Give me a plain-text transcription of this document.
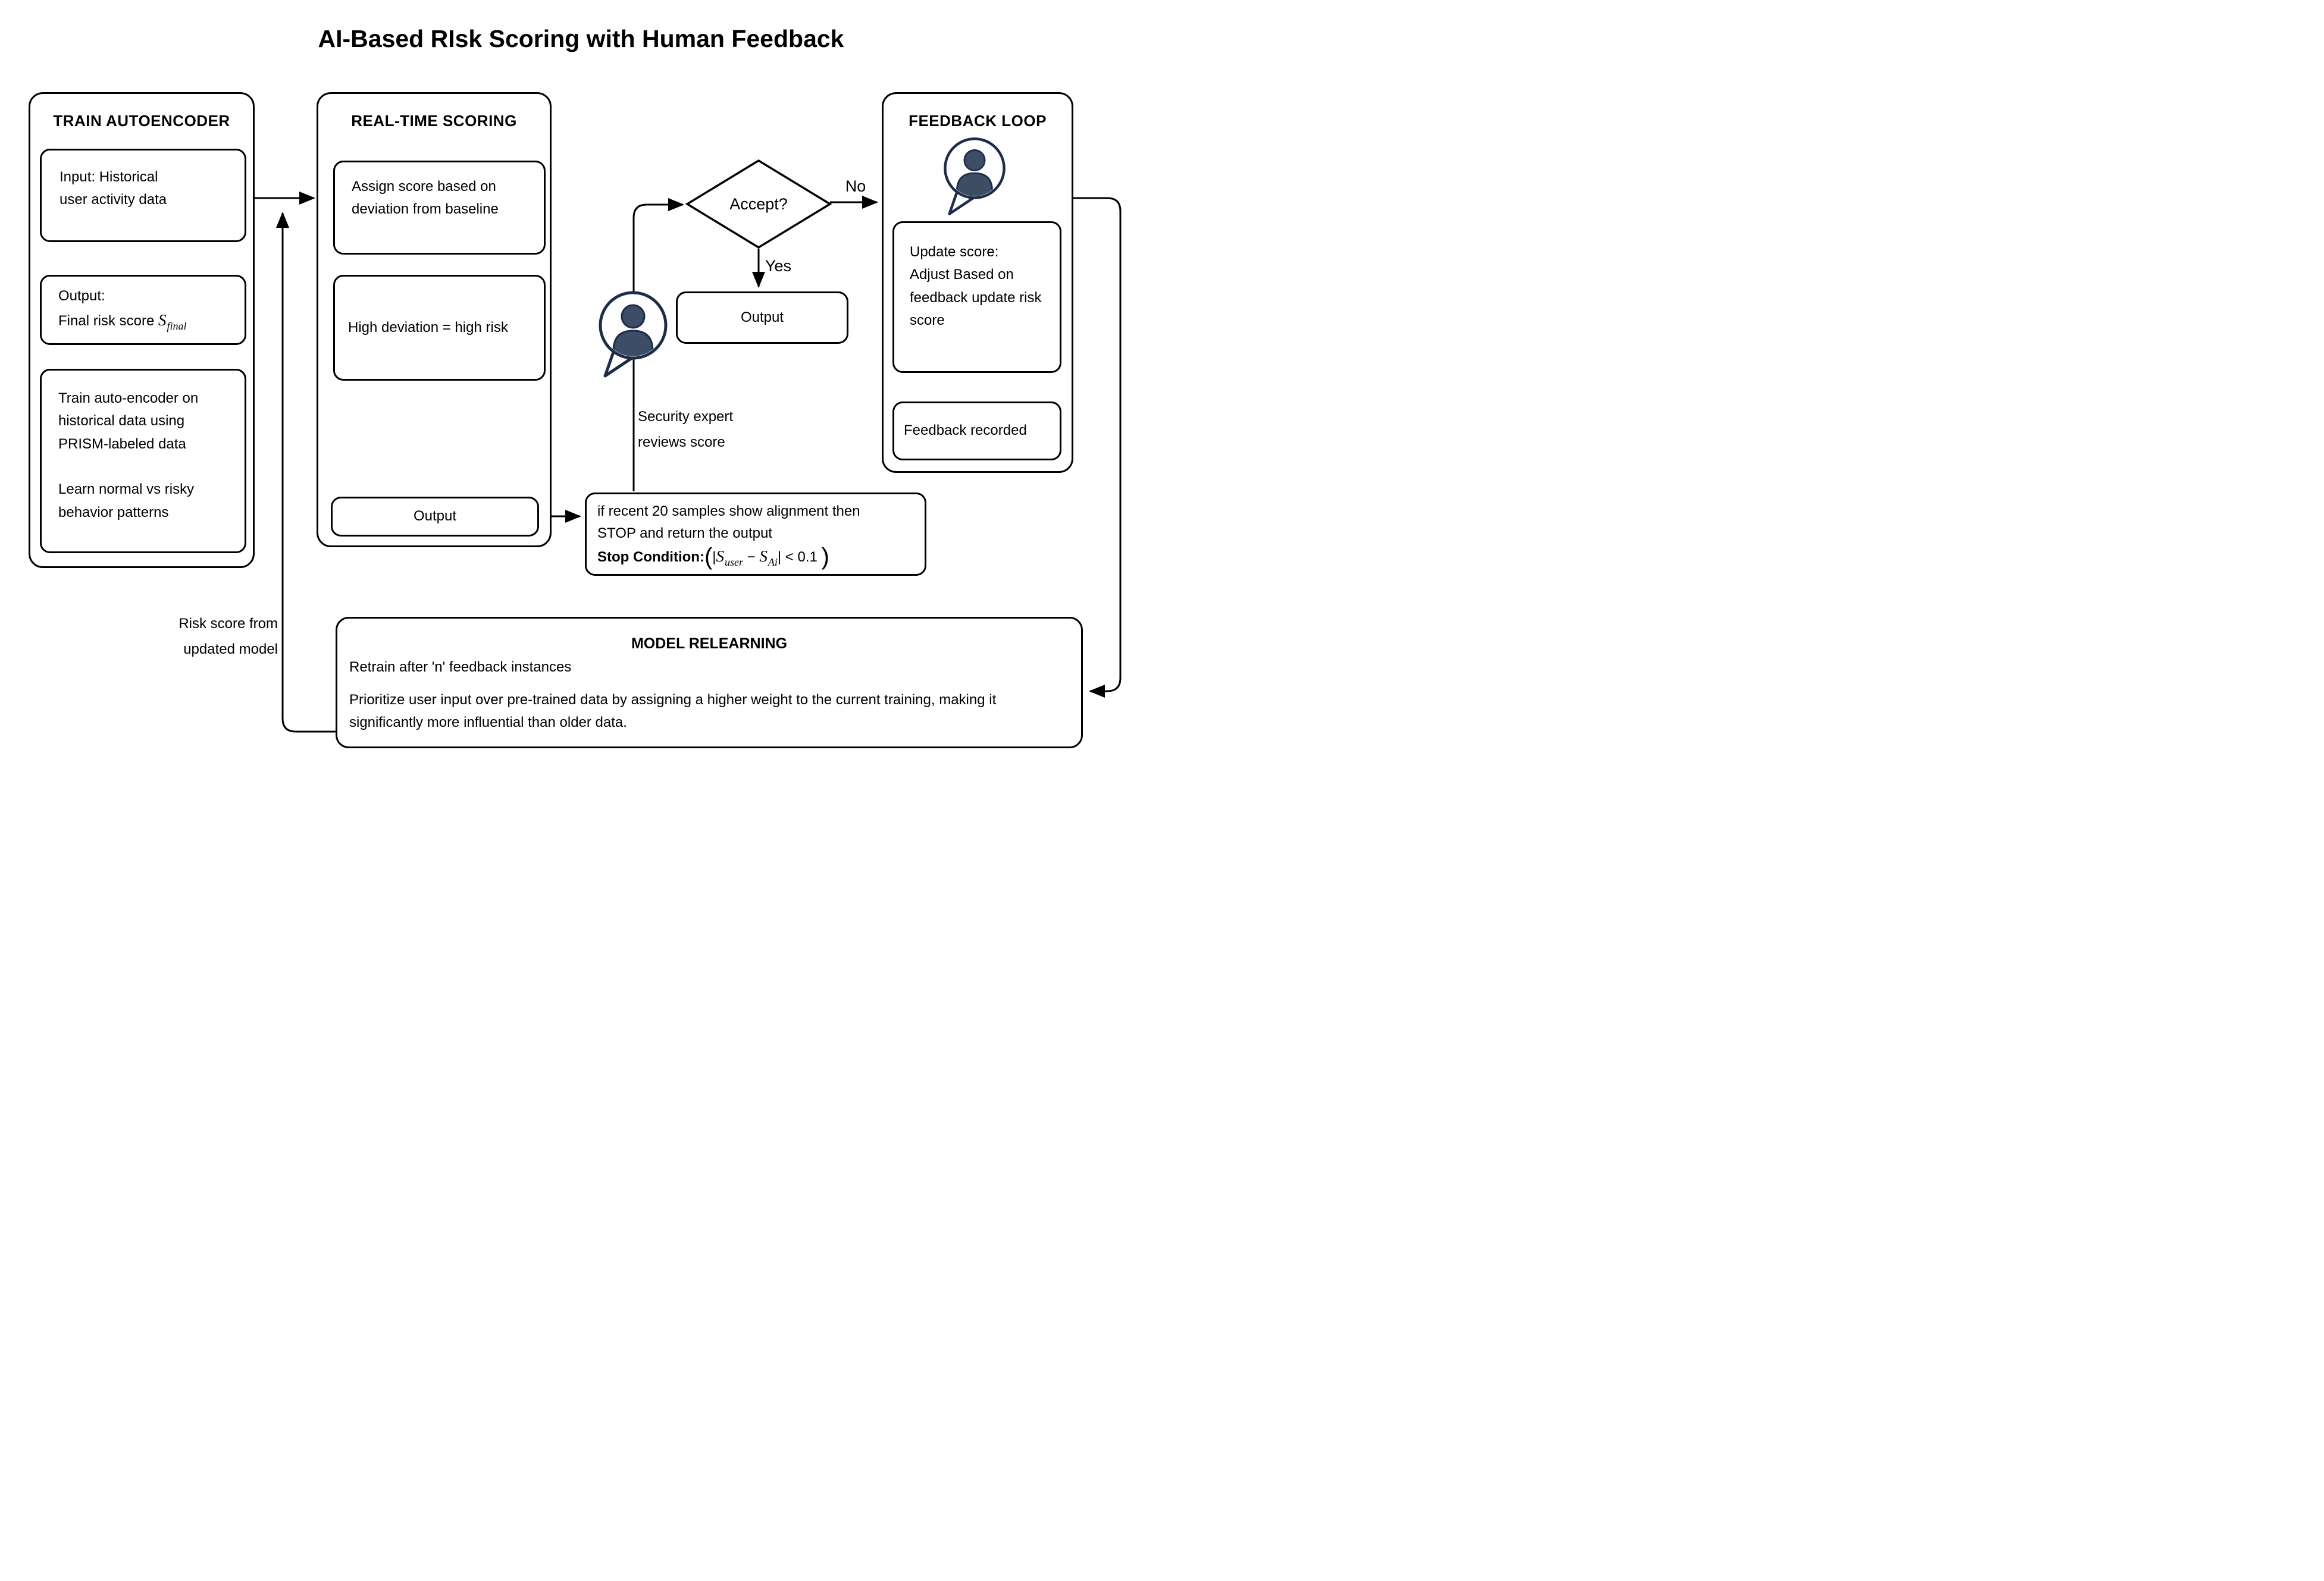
AI-Based RIsk Scoring with Human Feedback
TRAIN AUTOENCODER
Input: Historical
user activity data
Output:
Final risk score $S_{final}$
Train auto-encoder on historical data using PRISM-labeled data
Learn normal vs risky behavior patterns
REAL-TIME SCORING
Assign score based on deviation from baseline
High deviation = high risk
Output
Accept?
No
Yes
Output
Security expert
reviews score
if recent 20 samples show alignment then
STOP and return the output
Stop $Condition:(|S_{user} - S_{Ai}| < 0.1$ )
FEEDBACK LOOP
Update score:
Adjust Based on feedback update risk score
Feedback recorded
MODEL RELEARNING
Retrain after 'n' feedback instances
Prioritize user input over pre-trained data by assigning a higher weight to the current training, making it significantly more influential than older data.
Risk score from
updated model
